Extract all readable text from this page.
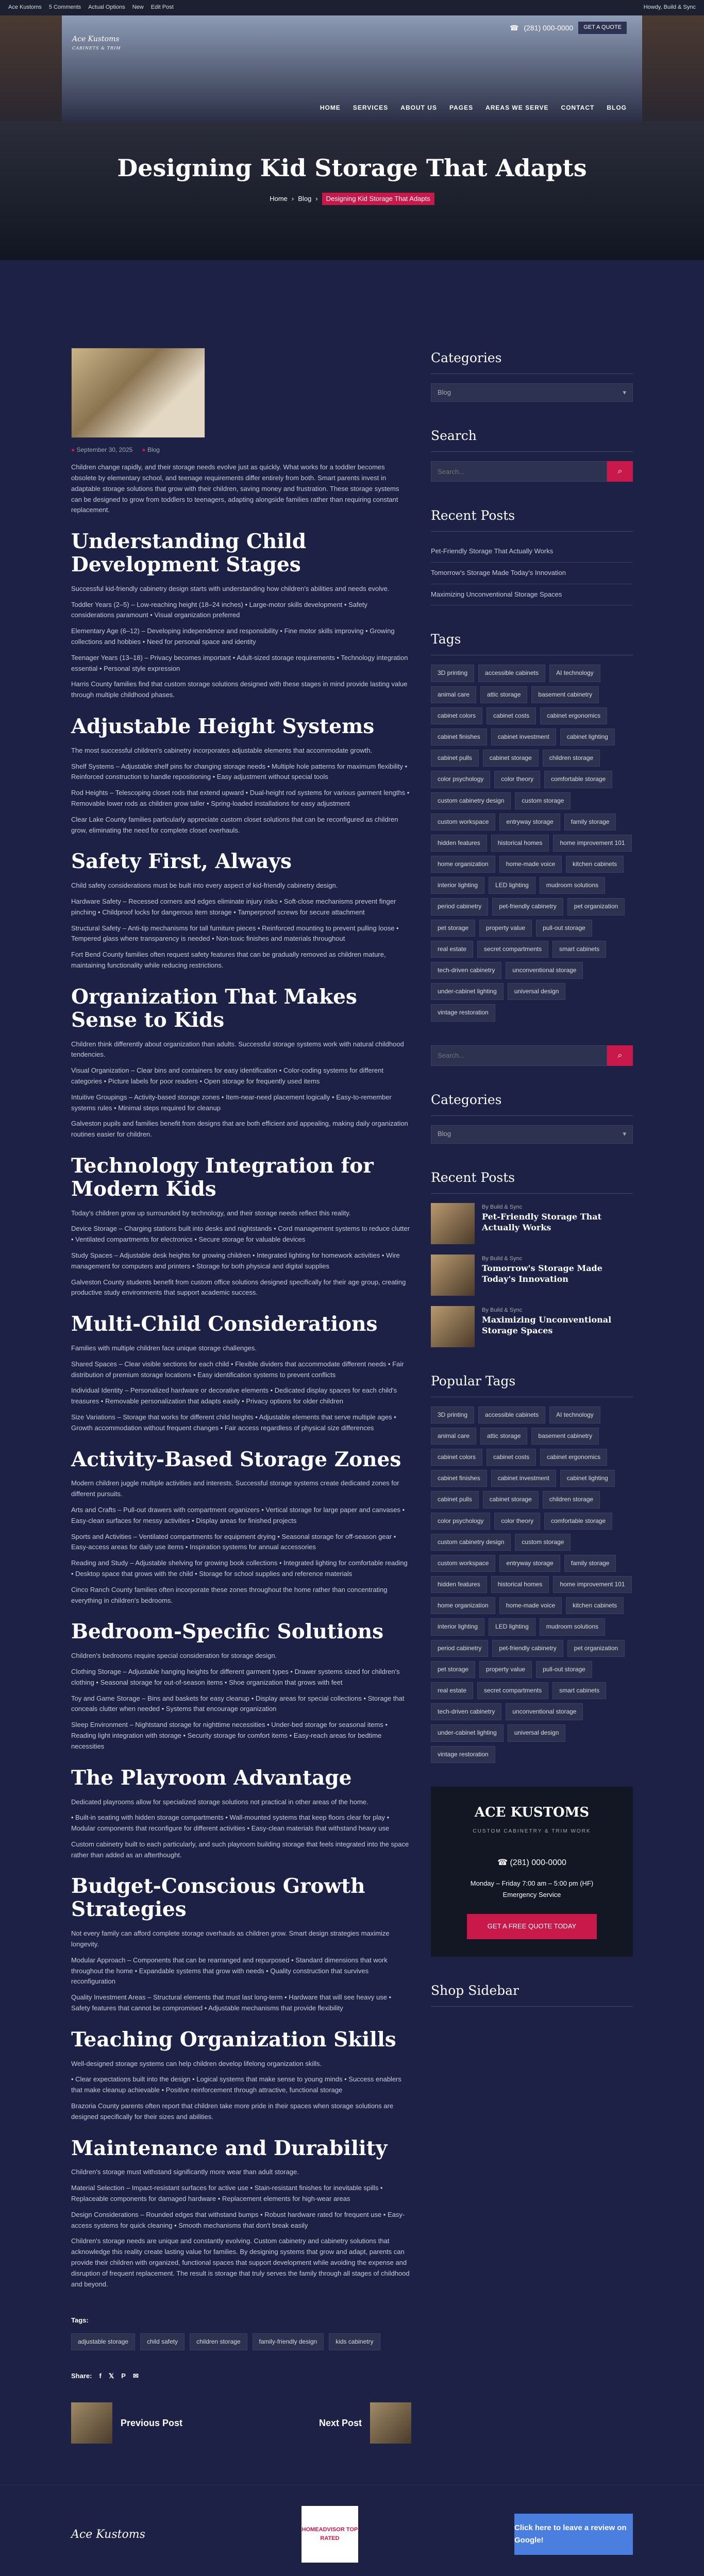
Ace Kustoms 5 Comments Actual Options New Edit Post	Howdy, Build & Sync
Ace Kustoms
CABINETS & TRIM
☎ (281) 000-0000	GET A QUOTE
HOME SERVICES ABOUT US PAGES AREAS WE SERVE CONTACT BLOG
Designing Kid Storage That Adapts
Home › Blog ›	Designing Kid Storage That Adapts
● September 30, 2025
●	Blog

Children change rapidly, and their storage needs evolve just as quickly. What works for a toddler becomes obsolete by elementary school, and teenage requirements differ entirely from both. Smart parents invest in adaptable storage solutions that grow with their children, saving money and frustration. These storage systems can be designed to grow from toddlers to teenagers, adapting alongside families rather than requiring constant replacement.

Understanding Child Development Stages

Successful kid-friendly cabinetry design starts with understanding how children's abilities and needs evolve.

Toddler Years (2–5) – Low-reaching height (18–24 inches) • Large-motor skills development • Safety considerations paramount • Visual organization preferred

Elementary Age (6–12) – Developing independence and responsibility • Fine motor skills improving • Growing collections and hobbies • Need for personal space and identity

Teenager Years (13–18) – Privacy becomes important • Adult-sized storage requirements • Technology integration essential • Personal style expression

Harris County families find that custom storage solutions designed with these stages in mind provide lasting value through multiple childhood phases.

Adjustable Height Systems

The most successful children's cabinetry incorporates adjustable elements that accommodate growth.

Shelf Systems – Adjustable shelf pins for changing storage needs • Multiple hole patterns for maximum flexibility • Reinforced construction to handle repositioning • Easy adjustment without special tools

Rod Heights – Telescoping closet rods that extend upward • Dual-height rod systems for various garment lengths • Removable lower rods as children grow taller • Spring-loaded installations for easy adjustment

Clear Lake County families particularly appreciate custom closet solutions that can be reconfigured as children grow, eliminating the need for complete closet overhauls.

Safety First, Always

Child safety considerations must be built into every aspect of kid-friendly cabinetry design.

Hardware Safety – Recessed corners and edges eliminate injury risks • Soft-close mechanisms prevent finger pinching • Childproof locks for dangerous item storage • Tamperproof screws for secure attachment

Structural Safety – Anti-tip mechanisms for tall furniture pieces • Reinforced mounting to prevent pulling loose • Tempered glass where transparency is needed • Non-toxic finishes and materials throughout

Fort Bend County families often request safety features that can be gradually removed as children mature, maintaining functionality while reducing restrictions.

Organization That Makes Sense to Kids

Children think differently about organization than adults. Successful storage systems work with natural childhood tendencies.

Visual Organization – Clear bins and containers for easy identification • Color-coding systems for different categories • Picture labels for poor readers • Open storage for frequently used items

Intuitive Groupings – Activity-based storage zones • Item-near-need placement logically • Easy-to-remember systems rules • Minimal steps required for cleanup

Galveston pupils and families benefit from designs that are both efficient and appealing, making daily organization routines easier for children.

Technology Integration for Modern Kids

Today's children grow up surrounded by technology, and their storage needs reflect this reality.

Device Storage – Charging stations built into desks and nightstands • Cord management systems to reduce clutter • Ventilated compartments for electronics • Secure storage for valuable devices

Study Spaces – Adjustable desk heights for growing children • Integrated lighting for homework activities • Wire management for computers and printers • Storage for both physical and digital supplies

Galveston County students benefit from custom office solutions designed specifically for their age group, creating productive study environments that support academic success.

Multi-Child Considerations

Families with multiple children face unique storage challenges.

Shared Spaces – Clear visible sections for each child • Flexible dividers that accommodate different needs • Fair distribution of premium storage locations • Easy identification systems to prevent conflicts

Individual Identity – Personalized hardware or decorative elements • Dedicated display spaces for each child's treasures • Removable personalization that adapts easily • Privacy options for older children

Size Variations – Storage that works for different child heights • Adjustable elements that serve multiple ages • Growth accommodation without frequent changes • Fair access regardless of physical size differences

Activity-Based Storage Zones

Modern children juggle multiple activities and interests. Successful storage systems create dedicated zones for different pursuits.

Arts and Crafts – Pull-out drawers with compartment organizers • Vertical storage for large paper and canvases • Easy-clean surfaces for messy activities • Display areas for finished projects

Sports and Activities – Ventilated compartments for equipment drying • Seasonal storage for off-season gear • Easy-access areas for daily use items • Inspiration systems for annual accessories

Reading and Study – Adjustable shelving for growing book collections • Integrated lighting for comfortable reading • Desktop space that grows with the child • Storage for school supplies and reference materials

Cinco Ranch County families often incorporate these zones throughout the home rather than concentrating everything in children's bedrooms.

Bedroom-Specific Solutions

Children's bedrooms require special consideration for storage design.

Clothing Storage – Adjustable hanging heights for different garment types • Drawer systems sized for children's clothing • Seasonal storage for out-of-season items • Shoe organization that grows with feet

Toy and Game Storage – Bins and baskets for easy cleanup • Display areas for special collections • Storage that conceals clutter when needed • Systems that encourage organization

Sleep Environment – Nightstand storage for nighttime necessities • Under-bed storage for seasonal items • Reading light integration with storage • Security storage for comfort items • Easy-reach areas for bedtime necessities

The Playroom Advantage

Dedicated playrooms allow for specialized storage solutions not practical in other areas of the home.

• Built-in seating with hidden storage compartments • Wall-mounted systems that keep floors clear for play • Modular components that reconfigure for different activities • Easy-clean materials that withstand heavy use

Custom cabinetry built to each particularly, and such playroom building storage that feels integrated into the space rather than added as an afterthought.

Budget-Conscious Growth Strategies

Not every family can afford complete storage overhauls as children grow. Smart design strategies maximize longevity.

Modular Approach – Components that can be rearranged and repurposed • Standard dimensions that work throughout the home • Expandable systems that grow with needs • Quality construction that survives reconfiguration

Quality Investment Areas – Structural elements that must last long-term • Hardware that will see heavy use • Safety features that cannot be compromised • Adjustable mechanisms that provide flexibility

Teaching Organization Skills

Well-designed storage systems can help children develop lifelong organization skills.

• Clear expectations built into the design • Logical systems that make sense to young minds • Success enablers that make cleanup achievable • Positive reinforcement through attractive, functional storage

Brazoria County parents often report that children take more pride in their spaces when storage solutions are designed specifically for their sizes and abilities.

Maintenance and Durability

Children's storage must withstand significantly more wear than adult storage.

Material Selection – Impact-resistant surfaces for active use • Stain-resistant finishes for inevitable spills • Replaceable components for damaged hardware • Replacement elements for high-wear areas

Design Considerations – Rounded edges that withstand bumps • Robust hardware rated for frequent use • Easy-access systems for quick cleaning • Smooth mechanisms that don't break easily

Children's storage needs are unique and constantly evolving. Custom cabinetry and cabinetry solutions that acknowledge this reality create lasting value for families. By designing systems that grow and adapt, parents can provide their children with organized, functional spaces that support development while avoiding the expense and disruption of frequent replacement. The result is storage that truly serves the family through all stages of childhood and beyond.

Tags:
adjustable storage	child safety	children storage	family-friendly design	kids cabinetry
Share: f 𝕏 P ✉
Previous Post	Next Post
Categories
Blog	▾
Search
Search...
⌕
Recent Posts
Pet-Friendly Storage That Actually Works
Tomorrow's Storage Made Today's Innovation
Maximizing Unconventional Storage Spaces
Tags
3D printing	accessible cabinets	AI technology
animal care	attic storage	basement cabinetry
cabinet colors	cabinet costs	cabinet ergonomics
cabinet finishes	cabinet investment	cabinet lighting
cabinet pulls	cabinet storage	children storage
color psychology	color theory	comfortable storage
custom cabinetry design	custom storage
custom workspace	entryway storage	family storage
hidden features	historical homes	home improvement 101
home organization	home-made voice	kitchen cabinets
interior lighting	LED lighting	mudroom solutions
period cabinetry	pet-friendly cabinetry	pet organization
pet storage	property value	pull-out storage
real estate	secret compartments	smart cabinets
tech-driven cabinetry	unconventional storage
under-cabinet lighting	universal design
vintage restoration
Search...
⌕
Categories
Blog	▾
Recent Posts
By Build & Sync
Pet-Friendly Storage That Actually Works
By Build & Sync
Tomorrow's Storage Made Today's Innovation
By Build & Sync
Maximizing Unconventional Storage Spaces
Popular Tags
3D printing	accessible cabinets	AI technology
animal care	attic storage	basement cabinetry
cabinet colors	cabinet costs	cabinet ergonomics
cabinet finishes	cabinet investment	cabinet lighting
cabinet pulls	cabinet storage	children storage
color psychology	color theory	comfortable storage
custom cabinetry design	custom storage
custom workspace	entryway storage	family storage
hidden features	historical homes	home improvement 101
home organization	home-made voice	kitchen cabinets
interior lighting	LED lighting	mudroom solutions
period cabinetry	pet-friendly cabinetry	pet organization
pet storage	property value	pull-out storage
real estate	secret compartments	smart cabinets
tech-driven cabinetry	unconventional storage
under-cabinet lighting	universal design
vintage restoration
ACE KUSTOMS
CUSTOM CABINETRY & TRIM WORK
☎ (281) 000-0000
Monday – Friday 7:00 am – 5:00 pm (HF)
Emergency Service
GET A FREE QUOTE TODAY
Shop Sidebar
Ace Kustoms	HOMEADVISOR TOP RATED
Click here to leave a review on Google!
